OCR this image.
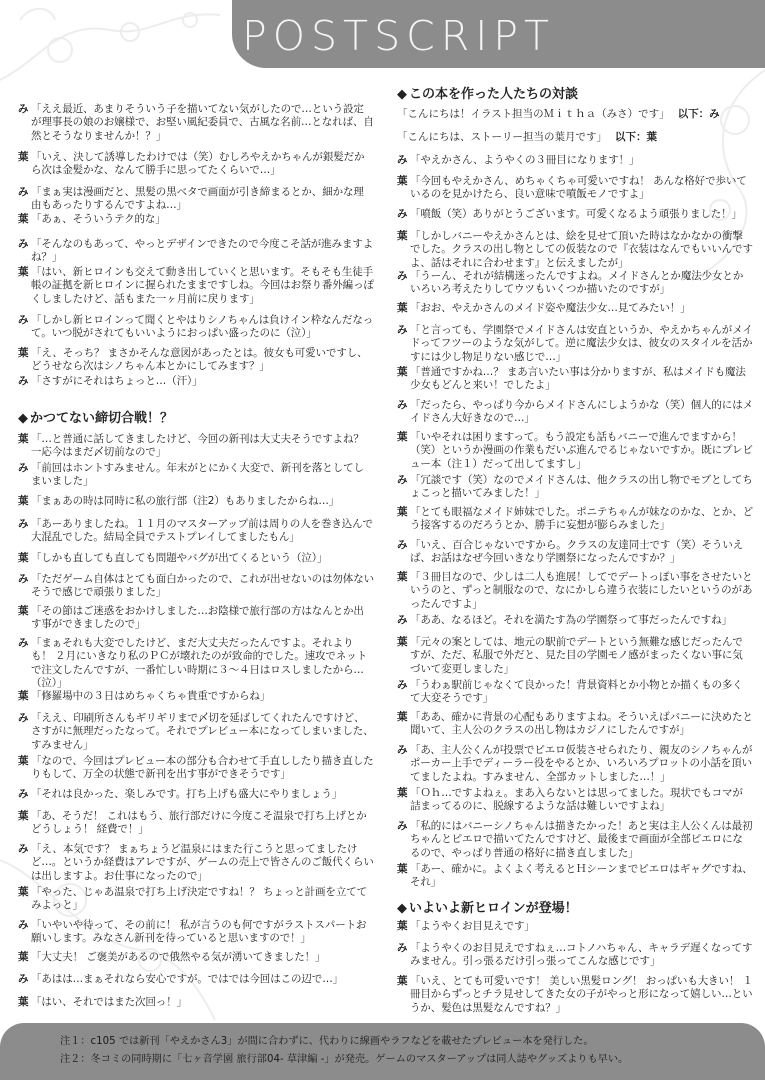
POSTSCRIPT
み 「ええ最近、あまりそういう子を描いてない気がしたので…という設定が理事長の娘のお嬢様で、お堅い風紀委員で、古風な名前…となれば、自然とそうなりませんか！？」
葉 「いえ、決して誘導したわけでは（笑）むしろやえかちゃんが銀髪だから次は金髪かな、なんて勝手に思ってたくらいで…」
み 「まぁ実は漫画だと、黒髪の黒ベタで画面が引き締まるとか、細かな理由もあったりするんですよね…」
葉 「あぁ、そういうテク的な」
み 「そんなのもあって、やっとデザインできたので今度こそ話が進みますよね？」
葉 「はい、新ヒロインも交えて動き出していくと思います。そもそも生徒手帳の証拠を新ヒロインに握られたままですしね。今回はお祭り番外編っぽくしましたけど、話もまた一ヶ月前に戻ります」
み 「しかし新ヒロインって聞くとやはりシノちゃんは負けイン枠なんだなって。いつ脱がされてもいいようにおっぱい盛ったのに（泣）」
葉 「え、そっち？ まさかそんな意図があったとは。彼女も可愛いですし、どうせなら次はシノちゃん本とかにしてみます？」
み 「さすがにそれはちょっと…（汗）」
◆ かつてない締切合戦！？
葉 「…と普通に話してきましたけど、今回の新刊は大丈夫そうですよね？ 一応今はまだ〆切前なので」
み 「前回はホントすみません。年末がとにかく大変で、新刊を落としてしまいました」
葉 「まぁあの時は同時に私の旅行部（注2）もありましたからね…」
み 「あーありましたね。１１月のマスターアップ前は周りの人を巻き込んで大混乱でした。結局全員でテストプレイしてましたもん」
葉 「しかも直しても直しても問題やバグが出てくるという（泣）」
み 「ただゲーム自体はとても面白かったので、これが出せないのは勿体ないそうで感じで頑張りました」
葉 「その節はご迷惑をおかけしました…お陰様で旅行部の方はなんとか出す事ができましたので」
み 「まぁそれも大変でしたけど、まだ大丈夫だったんですよ。それよりも！ ２月にいきなり私のＰＣが壊れたのが致命的でした。速攻でネットで注文したんですが、一番忙しい時期に３～４日はロスしましたから…（泣）」
葉 「修羅場中の３日はめちゃくちゃ貴重ですからね」
み 「ええ、印刷所さんもギリギリまで〆切を延ばしてくれたんですけど、さすがに無理だったなって。それでプレビュー本になってしまいました、すみません」
葉 「なので、今回はプレビュー本の部分も合わせて手直ししたり描き直したりもして、万全の状態で新刊を出す事ができそうです」
み 「それは良かった、楽しみです。打ち上げも盛大にやりましょう」
葉 「あ、そうだ！ これはもう、旅行部だけに今度こそ温泉で打ち上げとかどうしょう！ 経費で！」
み 「え、本気です？ まぁちょうど温泉にはまた行こうと思ってましたけど…。というか経費はアレですが、ゲームの売上で皆さんのご飯代くらいは出しますよ。お仕事になったので」
葉 「やった、じゃあ温泉で打ち上げ決定ですね！？ ちょっと計画を立ててみよっと」
み 「いやいや待って、その前に！ 私が言うのも何ですがラストスパートお願いします。みなさん新刊を待っていると思いますので！」
葉 「大丈夫！ ご褒美があるので俄然やる気が湧いてきました！」
み 「あはは…まぁそれなら安心ですが。ではでは今回はこの辺で…」
葉 「はい、それではまた次回っ！」
◆ この本を作った人たちの対談
「こんにちは！イラスト担当のＭｉｔｈａ（みさ）です」 以下：み
「こんにちは、ストーリー担当の葉月です」 以下：葉
み 「やえかさん、ようやくの３冊目になります！」
葉 「今回もやえかさん、めちゃくちゃ可愛いですね！ あんな格好で歩いているのを見かけたら、良い意味で噴飯モノですよ」
み 「噴飯（笑）ありがとうございます。可愛くなるよう頑張りました！」
葉 「しかしバニーやえかさんとは、絵を見せて頂いた時はなかなかの衝撃でした。クラスの出し物としての仮装なので『衣装はなんでもいいんですよ、話はそれに合わせます』と伝えましたが」
み 「うーん、それが結構迷ったんですよね。メイドさんとか魔法少女とかいろいろ考えたりしてウツもいくつか描いたのですが」
葉 「おお、やえかさんのメイド姿や魔法少女…見てみたい！」
み 「と言っても、学園祭でメイドさんは安直というか、やえかちゃんがメイドってフツーのような気がして。逆に魔法少女は、彼女のスタイルを活かすには少し物足りない感じで…」
葉 「普通ですかね…？ まあ言いたい事は分かりますが、私はメイドも魔法少女もどんと来い！でしたよ」
み 「だったら、やっぱり今からメイドさんにしようかな（笑）個人的にはメイドさん大好きなので…」
葉 「いやそれは困りますって。もう設定も話もバニーで進んでますから！（笑）というか漫画の作業もだいぶ進んでるじゃないですか。既にプレビュー本（注１）だって出してますし」
み 「冗談です（笑）なのでメイドさんは、他クラスの出し物でモブとしてちょこっと描いてみました！」
葉 「とても眼福なメイド姉妹でした。ポニテちゃんが妹なのかな、とか、どう接客するのだろうとか、勝手に妄想が膨らみました」
み 「いえ、百合じゃないですから。クラスの友達同士です（笑）そういえば、お話はなぜ今回いきなり学園祭になったんですか？」
葉 「３冊目なので、少しは二人も進展！してでデートっぽい事をさせたいというのと、ずっと制服なので、なにかしら違う衣装にしたいというのがあったんですよ」
み 「ああ、なるほど。それを満たす為の学園祭って事だったんですね」
葉 「元々の案としては、地元の駅前でデートという無難な感じだったんですが、ただ、私服で外だと、見た目の学園モノ感がまったくない事に気づいて変更しました」
み 「うわぁ駅前じゃなくて良かった！背景資料とか小物とか描くもの多くて大変そうです」
葉 「ああ、確かに背景の心配もありますよね。そういえばバニーに決めたと聞いて、主人公のクラスの出し物はカジノにしたんですが」
み 「あ、主人公くんが投票でピエロ仮装させられたり、親友のシノちゃんがポーカー上手でディーラー役をやるとか、いろいろプロットの小話を頂いてましたよね。すみません、全部カットしました…！」
葉 「Ｏｈ…ですよねぇ。まあ入らないとは思ってました。現状でもコマが詰まってるのに、脱線するような話は難しいですよね」
み 「私的にはバニーシノちゃんは描きたかった！あと実は主人公くんは最初ちゃんとピエロで描いてたんですけど、最後まで画面が全部ピエロになるので、やっぱり普通の格好に描き直しました」
葉 「あー、確かに。よくよく考えるとＨシーンまでピエロはギャグですね、それ」
◆ いよいよ新ヒロインが登場！
葉 「ようやくお目見えです」
み 「ようやくのお目見えですねぇ…コトノハちゃん、キャラデ遅くなってすみません。引っ張るだけ引っ張ってこんな感じです」
葉 「いえ、とても可愛いです！ 美しい黒髪ロング！ おっぱいも大きい！ １冊目からずっとチラ見せしてきた女の子がやっと形になって嬉しい…というか、髪色は黒髪なんですね？」
注１：c105 では新刊「やえかさん3」が間に合わずに、代わりに線画やラフなどを載せたプレビュー本を発行した。
注２：冬コミの同時期に「七ヶ音学園 旅行部04- 草津編 -」が発売。ゲームのマスターアップは同人誌やグッズよりも早い。
